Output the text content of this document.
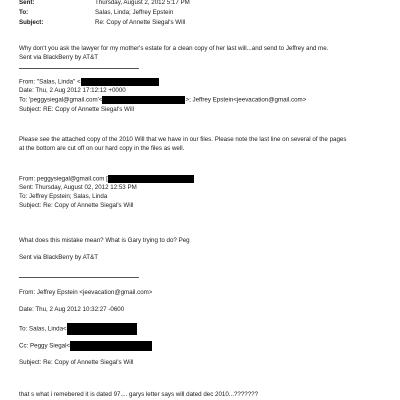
Sent:	Thursday, August 2, 2012 5:17 PM
To:	Salas, Linda; Jeffrey Epstein
Subject:	Re: Copy of Annette Siegal's Will
Why don't you ask the lawyer for my mother's estate for a clean copy of her last will...and send to Jeffrey and me.
Sent via BlackBerry by AT&T
From: "Salas, Linda" <
Date: Thu, 2 Aug 2012 17:12:12 +0000
To: 'peggysiegal@gmail.com'<	>; Jeffrey Epstein<jeevacation@gmail.com>
Subject: RE: Copy of Annette Siegal's Will
Please see the attached copy of the 2010 Will that we have in our files. Please note the last line on several of the pages
at the bottom are cut off on our hard copy in the files as well.
From: peggysiegal@gmail.com [
Sent: Thursday, August 02, 2012 12:53 PM
To: Jeffrey Epstein; Salas, Linda
Subject: Re: Copy of Annette Siegal's Will
What does this mistake mean? What is Gary trying to do? Peg
Sent via BlackBerry by AT&T
From: Jeffrey Epstein <jeevacation@gmail.com>
Date: Thu, 2 Aug 2012 10:32:27 -0600
To: Salas, Linda<
Cc: Peggy Siegal<
Subject: Re: Copy of Annette Siegal's Will
that s what i remebered it is dated 97.... garys letter says will dated dec 2010...???????
